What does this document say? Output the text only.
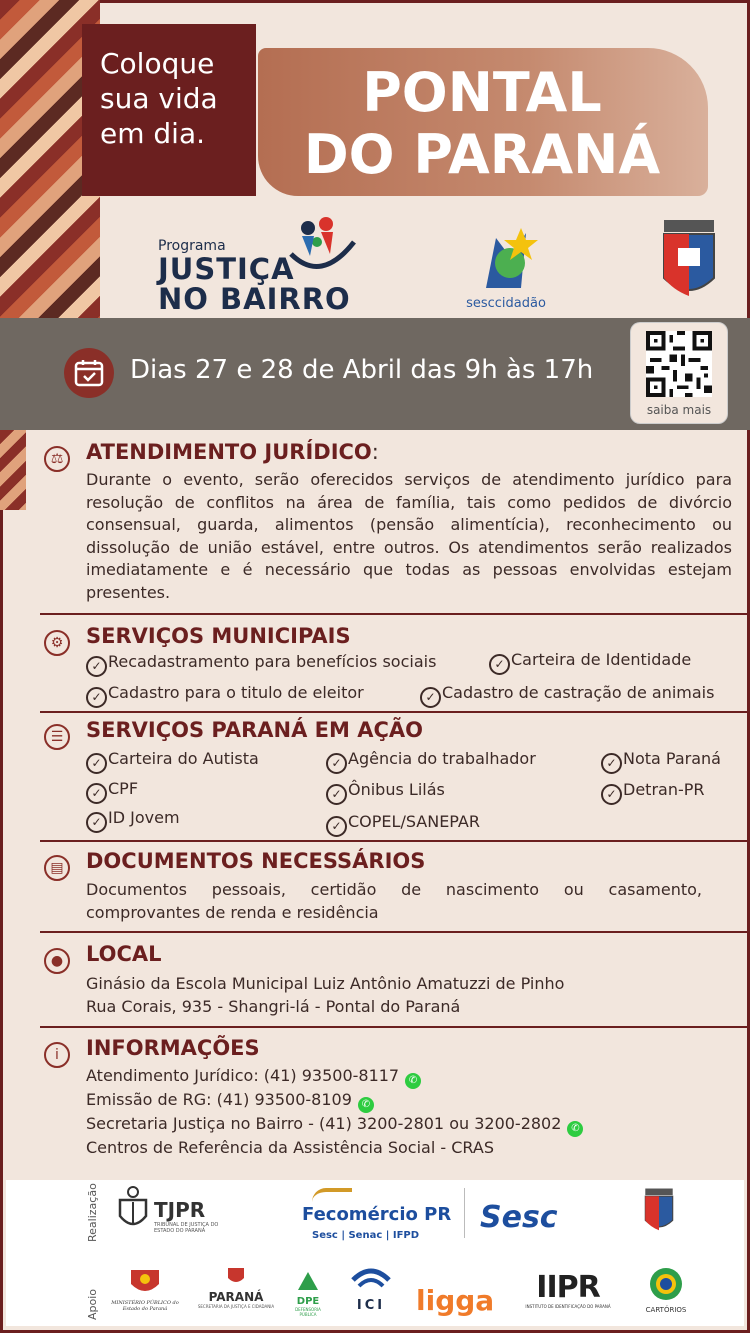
Coloque sua vida em dia.
PONTAL
DO PARANÁ
Programa
JUSTIÇA
NO BAIRRO	sesccidadão
Dias 27 e 28 de Abril das 9h às 17h
saiba mais
⚖	ATENDIMENTO JURÍDICO:
Durante o evento, serão oferecidos serviços de atendimento jurídico para
resolução de conflitos na área de família, tais como pedidos de divórcio
consensual, guarda, alimentos (pensão alimentícia), reconhecimento ou
dissolução de união estável, entre outros. Os atendimentos serão realizados
imediatamente e é necessário que todas as pessoas envolvidas estejam
presentes.
⚙	SERVIÇOS MUNICIPAIS
✓ Recadastramento para benefícios sociais	✓ Carteira de Identidade
✓ Cadastro para o titulo de eleitor	✓ Cadastro de castração de animais
☰	SERVIÇOS PARANÁ EM AÇÃO
✓ Carteira do Autista	✓ Agência do trabalhador	✓ Nota Paraná
✓ CPF	✓ Ônibus Lilás	✓ Detran-PR
✓ ID Jovem	✓ COPEL/SANEPAR
▤	DOCUMENTOS NECESSÁRIOS
Documentos pessoais, certidão de nascimento ou casamento,
comprovantes de renda e residência
●	LOCAL
Ginásio da Escola Municipal Luiz Antônio Amatuzzi de Pinho
Rua Corais, 935 - Shangri-lá - Pontal do Paraná
i	INFORMAÇÕES
Atendimento Jurídico: (41) 93500-8117 ✆
Emissão de RG: (41) 93500-8109 ✆
Secretaria Justiça no Bairro - (41) 3200-2801 ou 3200-2802 ✆
Centros de Referência da Assistência Social - CRAS
Realização
Apoio
TJPR
TRIBUNAL DE JUSTIÇA DO ESTADO DO PARANÁ
Fecomércio PR
Sesc | Senac | IFPD
Sesc
MINISTÉRIO PÚBLICO do Estado do Paraná
PARANÁ
SECRETARIA DA JUSTIÇA E CIDADANIA	DPE
DEFENSORIA PÚBLICA
ICI	ligga	IIPR
INSTITUTO DE IDENTIFICAÇÃO DO PARANÁ	CARTÓRIOS
